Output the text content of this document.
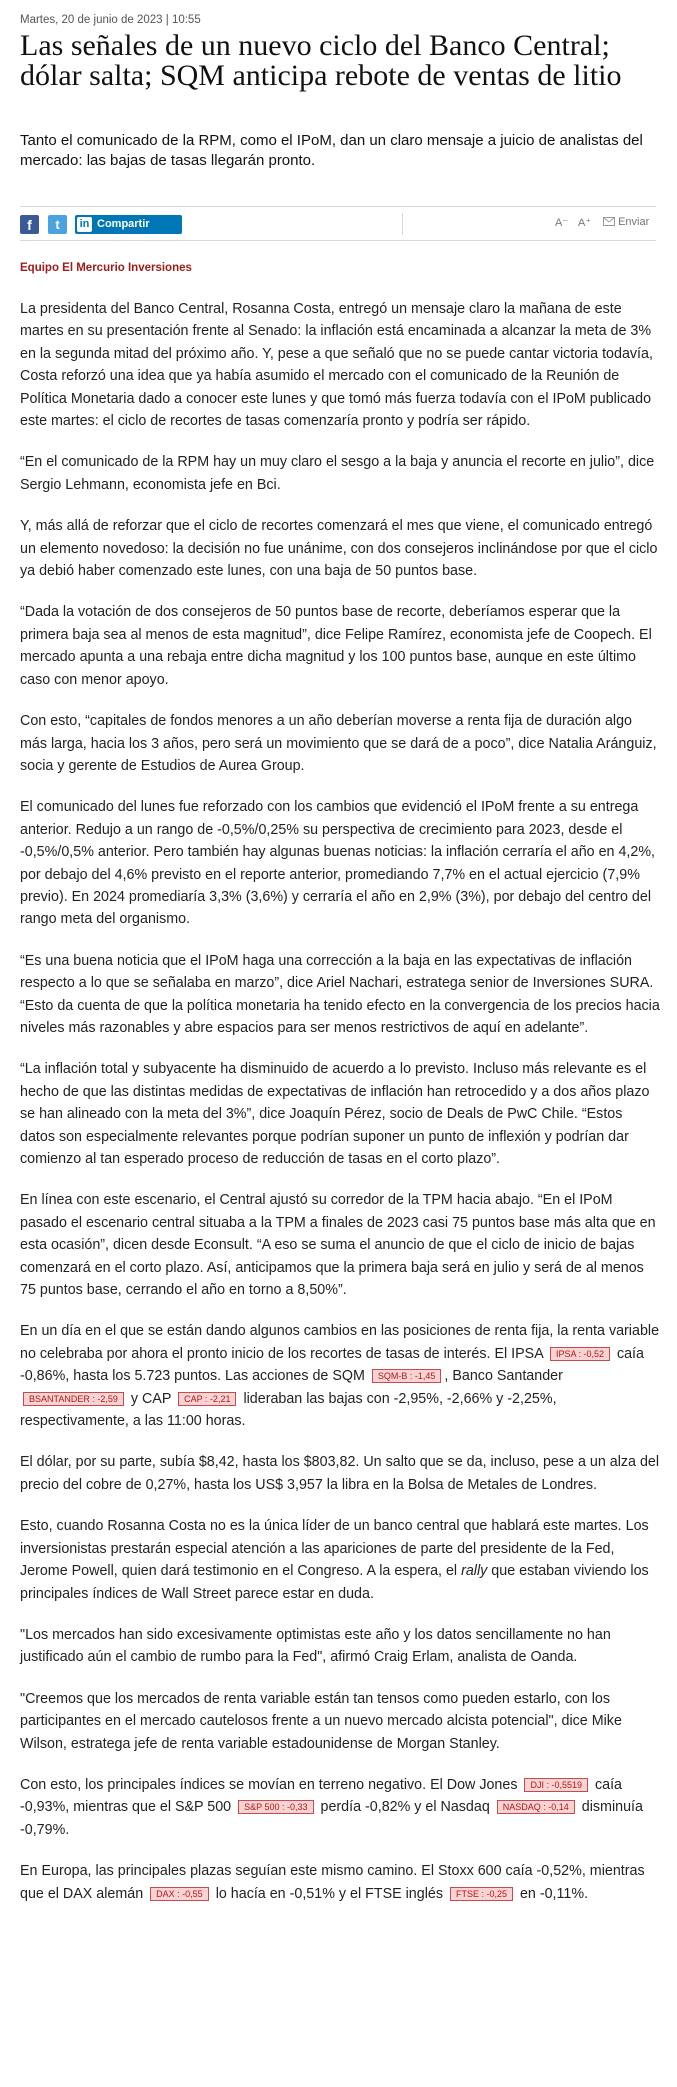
Martes, 20 de junio de 2023 | 10:55
Las señales de un nuevo ciclo del Banco Central; dólar salta; SQM anticipa rebote de ventas de litio

Tanto el comunicado de la RPM, como el IPoM, dan un claro mensaje a juicio de analistas del mercado: las bajas de tasas llegarán pronto.

f	t	in Compartir	A⁻ A⁺	Enviar
Equipo El Mercurio Inversiones

La presidenta del Banco Central, Rosanna Costa, entregó un mensaje claro la mañana de este martes en su presentación frente al Senado: la inflación está encaminada a alcanzar la meta de 3% en la segunda mitad del próximo año. Y, pese a que señaló que no se puede cantar victoria todavía, Costa reforzó una idea que ya había asumido el mercado con el comunicado de la Reunión de Política Monetaria dado a conocer este lunes y que tomó más fuerza todavía con el IPoM publicado este martes: el ciclo de recortes de tasas comenzaría pronto y podría ser rápido.

“En el comunicado de la RPM hay un muy claro el sesgo a la baja y anuncia el recorte en julio”, dice Sergio Lehmann, economista jefe en Bci.

Y, más allá de reforzar que el ciclo de recortes comenzará el mes que viene, el comunicado entregó un elemento novedoso: la decisión no fue unánime, con dos consejeros inclinándose por que el ciclo ya debió haber comenzado este lunes, con una baja de 50 puntos base.

“Dada la votación de dos consejeros de 50 puntos base de recorte, deberíamos esperar que la primera baja sea al menos de esta magnitud”, dice Felipe Ramírez, economista jefe de Coopech. El mercado apunta a una rebaja entre dicha magnitud y los 100 puntos base, aunque en este último caso con menor apoyo.

Con esto, “capitales de fondos menores a un año deberían moverse a renta fija de duración algo más larga, hacia los 3 años, pero será un movimiento que se dará de a poco”, dice Natalia Aránguiz, socia y gerente de Estudios de Aurea Group.

El comunicado del lunes fue reforzado con los cambios que evidenció el IPoM frente a su entrega anterior. Redujo a un rango de -0,5%/0,25% su perspectiva de crecimiento para 2023, desde el -0,5%/0,5% anterior. Pero también hay algunas buenas noticias: la inflación cerraría el año en 4,2%, por debajo del 4,6% previsto en el reporte anterior, promediando 7,7% en el actual ejercicio (7,9% previo). En 2024 promediaría 3,3% (3,6%) y cerraría el año en 2,9% (3%), por debajo del centro del rango meta del organismo.

“Es una buena noticia que el IPoM haga una corrección a la baja en las expectativas de inflación respecto a lo que se señalaba en marzo”, dice Ariel Nachari, estratega senior de Inversiones SURA. “Esto da cuenta de que la política monetaria ha tenido efecto en la convergencia de los precios hacia niveles más razonables y abre espacios para ser menos restrictivos de aquí en adelante”.

“La inflación total y subyacente ha disminuido de acuerdo a lo previsto. Incluso más relevante es el hecho de que las distintas medidas de expectativas de inflación han retrocedido y a dos años plazo se han alineado con la meta del 3%”, dice Joaquín Pérez, socio de Deals de PwC Chile. “Estos datos son especialmente relevantes porque podrían suponer un punto de inflexión y podrían dar comienzo al tan esperado proceso de reducción de tasas en el corto plazo”.

En línea con este escenario, el Central ajustó su corredor de la TPM hacia abajo. “En el IPoM pasado el escenario central situaba a la TPM a finales de 2023 casi 75 puntos base más alta que en esta ocasión”, dicen desde Econsult. “A eso se suma el anuncio de que el ciclo de inicio de bajas comenzará en el corto plazo. Así, anticipamos que la primera baja será en julio y será de al menos 75 puntos base, cerrando el año en torno a 8,50%”.

En un día en el que se están dando algunos cambios en las posiciones de renta fija, la renta variable no celebraba por ahora el pronto inicio de los recortes de tasas de interés. El IPSA IPSA : -0,52 caía -0,86%, hasta los 5.723 puntos. Las acciones de SQM SQM-B : -1,45 , Banco Santander BSANTANDER : -2,59 y CAP CAP : -2,21 lideraban las bajas con -2,95%, -2,66% y -2,25%, respectivamente, a las 11:00 horas.

El dólar, por su parte, subía $8,42, hasta los $803,82. Un salto que se da, incluso, pese a un alza del precio del cobre de 0,27%, hasta los US$ 3,957 la libra en la Bolsa de Metales de Londres.

Esto, cuando Rosanna Costa no es la única líder de un banco central que hablará este martes. Los inversionistas prestarán especial atención a las apariciones de parte del presidente de la Fed, Jerome Powell, quien dará testimonio en el Congreso. A la espera, el rally que estaban viviendo los principales índices de Wall Street parece estar en duda.

"Los mercados han sido excesivamente optimistas este año y los datos sencillamente no han justificado aún el cambio de rumbo para la Fed", afirmó Craig Erlam, analista de Oanda.

"Creemos que los mercados de renta variable están tan tensos como pueden estarlo, con los participantes en el mercado cautelosos frente a un nuevo mercado alcista potencial", dice Mike Wilson, estratega jefe de renta variable estadounidense de Morgan Stanley.

Con esto, los principales índices se movían en terreno negativo. El Dow Jones DJI : -0,5519 caía -0,93%, mientras que el S&P 500 S&P 500 : -0,33 perdía -0,82% y el Nasdaq NASDAQ : -0,14 disminuía -0,79%.

En Europa, las principales plazas seguían este mismo camino. El Stoxx 600 caía -0,52%, mientras que el DAX alemán DAX : -0,55 lo hacía en -0,51% y el FTSE inglés FTSE : -0,25 en -0,11%.
